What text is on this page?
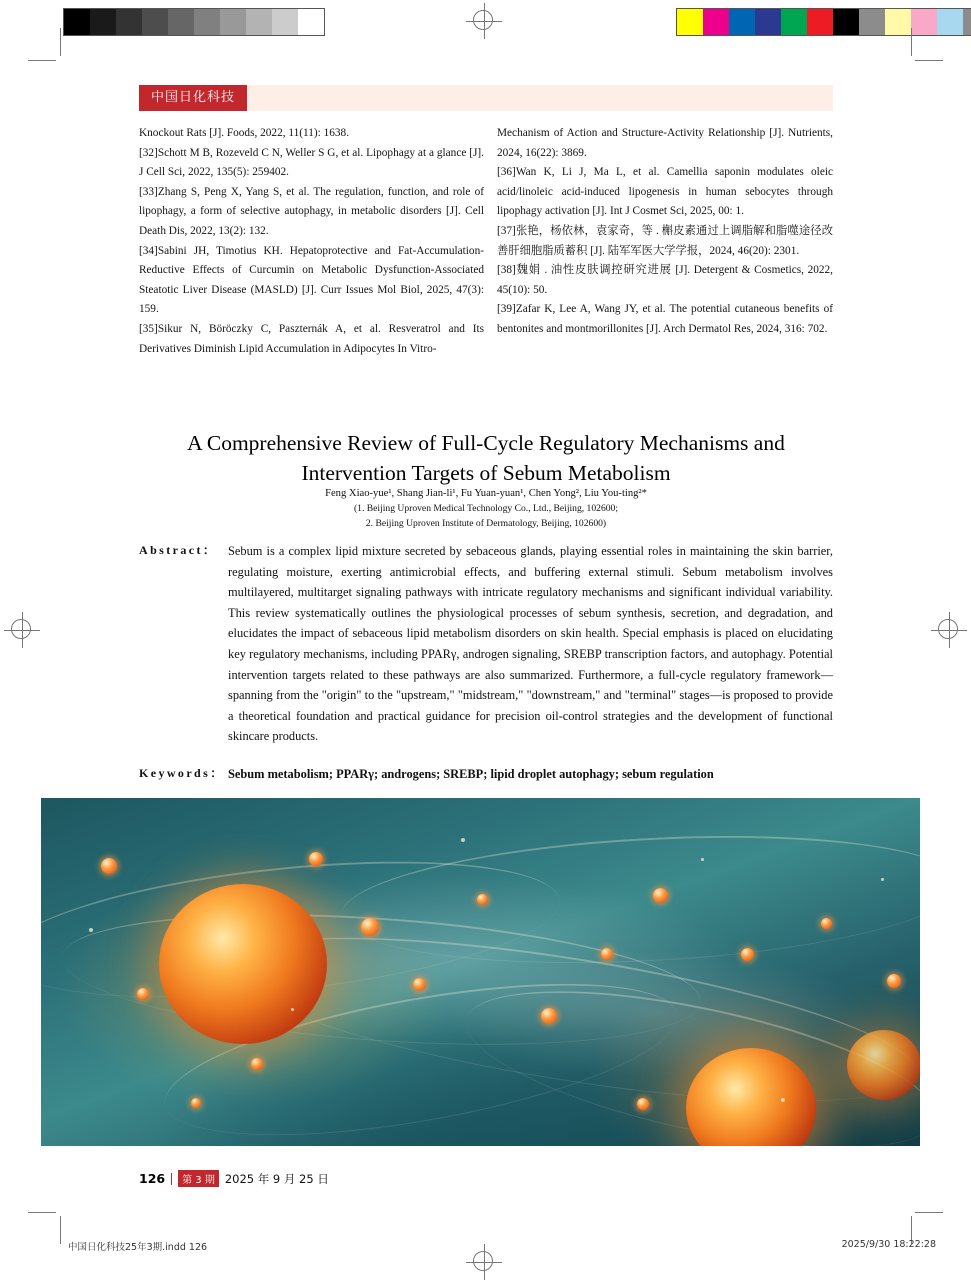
中国日化科技

Knockout Rats [J]. Foods, 2022, 11(11): 1638.

[32]Schott M B, Rozeveld C N, Weller S G, et al. Lipophagy at a glance [J]. J Cell Sci, 2022, 135(5): 259402.

[33]Zhang S, Peng X, Yang S, et al. The regulation, function, and role of lipophagy, a form of selective autophagy, in metabolic disorders [J]. Cell Death Dis, 2022, 13(2): 132.

[34]Sabini JH, Timotius KH. Hepatoprotective and Fat-Accumulation-Reductive Effects of Curcumin on Metabolic Dysfunction-Associated Steatotic Liver Disease (MASLD) [J]. Curr Issues Mol Biol, 2025, 47(3): 159.

[35]Sikur N, Böröczky C, Paszternák A, et al. Resveratrol and Its Derivatives Diminish Lipid Accumulation in Adipocytes In Vitro-

Mechanism of Action and Structure-Activity Relationship [J]. Nutrients, 2024, 16(22): 3869.

[36]Wan K, Li J, Ma L, et al. Camellia saponin modulates oleic acid/linoleic acid-induced lipogenesis in human sebocytes through lipophagy activation [J]. Int J Cosmet Sci, 2025, 00: 1.

[37]张艳，杨依林，袁家奇，等 . 槲皮素通过上调脂解和脂噬途径改善肝细胞脂质蓄积 [J]. 陆军军医大学学报，2024, 46(20): 2301.

[38]魏娟 . 油性皮肤调控研究进展 [J]. Detergent & Cosmetics, 2022, 45(10): 50.

[39]Zafar K, Lee A, Wang JY, et al. The potential cutaneous benefits of bentonites and montmorillonites [J]. Arch Dermatol Res, 2024, 316: 702.

A Comprehensive Review of Full-Cycle Regulatory Mechanisms and Intervention Targets of Sebum Metabolism
Feng Xiao-yue¹, Shang Jian-li¹, Fu Yuan-yuan¹, Chen Yong², Liu You-ting²*
(1. Beijing Uproven Medical Technology Co., Ltd., Beijing, 102600;
2. Beijing Uproven Institute of Dermatology, Beijing, 102600)
Abstract： Sebum is a complex lipid mixture secreted by sebaceous glands, playing essential roles in maintaining the skin barrier, regulating moisture, exerting antimicrobial effects, and buffering external stimuli. Sebum metabolism involves multilayered, multitarget signaling pathways with intricate regulatory mechanisms and significant individual variability. This review systematically outlines the physiological processes of sebum synthesis, secretion, and degradation, and elucidates the impact of sebaceous lipid metabolism disorders on skin health. Special emphasis is placed on elucidating key regulatory mechanisms, including PPARγ, androgen signaling, SREBP transcription factors, and autophagy. Potential intervention targets related to these pathways are also summarized. Furthermore, a full-cycle regulatory framework—spanning from the "origin" to the "upstream," "midstream," "downstream," and "terminal" stages—is proposed to provide a theoretical foundation and practical guidance for precision oil-control strategies and the development of functional skincare products.
Keywords： Sebum metabolism; PPARγ; androgens; SREBP; lipid droplet autophagy; sebum regulation
126	第 3 期 2025 年 9 月 25 日
中国日化科技25年3期.indd 126	2025/9/30 18:22:28
